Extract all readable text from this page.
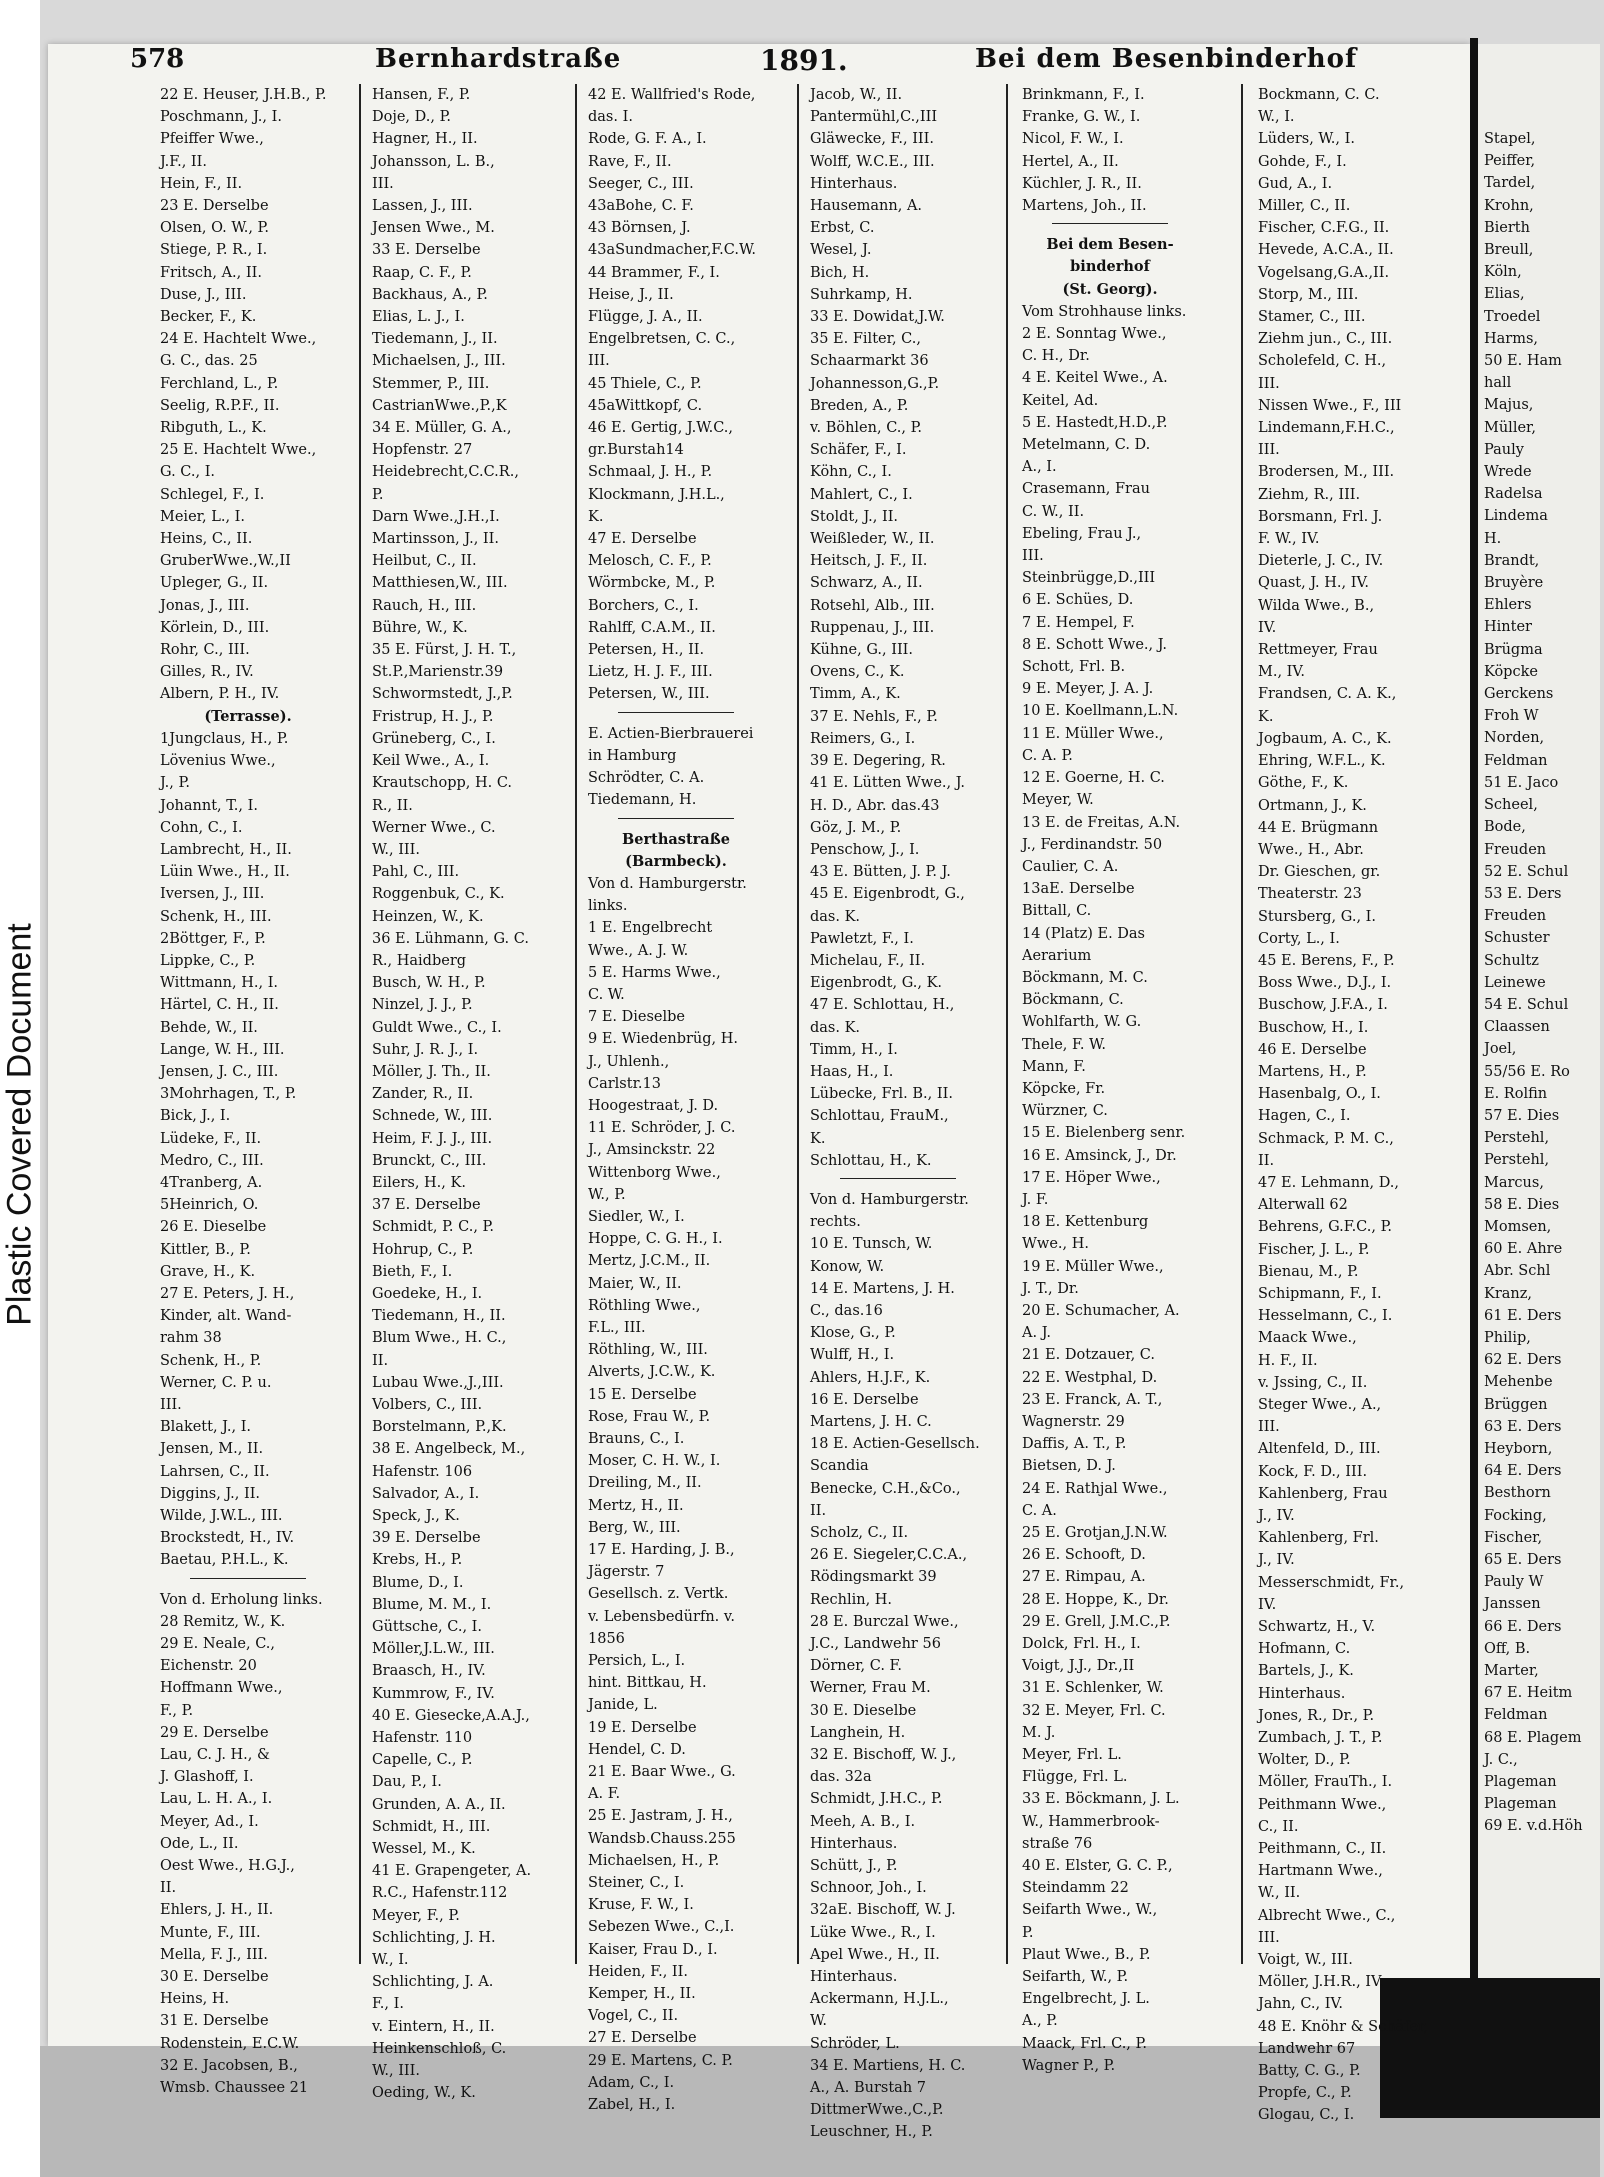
Plastic Covered Document
Stapel,
Peiffer,
Tardel,
Krohn,
Bierth
Breull,
Köln,
Elias,
Troedel
Harms,
50 E. Ham
hall
Majus,
Müller,
Pauly
Wrede
Radelsa
Lindema
H.
Brandt,
Bruyère
Ehlers
Hinter
Brügma
Köpcke
Gerckens
Froh W
Norden,
Feldman
51 E. Jaco
Scheel,
Bode,
Freuden
52 E. Schul
53 E. Ders
Freuden
Schuster
Schultz
Leinewe
54 E. Schul
Claassen
Joel,
55/56 E. Ro
E. Rolfin
57 E. Dies
Perstehl,
Perstehl,
Marcus,
58 E. Dies
Momsen,
60 E. Ahre
Abr. Schl
Kranz,
61 E. Ders
Philip,
62 E. Ders
Mehenbe
Brüggen
63 E. Ders
Heyborn,
64 E. Ders
Besthorn
Focking,
Fischer,
65 E. Ders
Pauly W
Janssen
66 E. Ders
Off, B.
Marter,
67 E. Heitm
Feldman
68 E. Plagem
J. C.,
Plageman
Plageman
69 E. v.d.Höh
578	Bernhardstraße	1891.	Bei dem Besenbinderhof
22 E. Heuser, J.H.B., P.
Poschmann, J., I.
Pfeiffer Wwe.,
J.F., II.
Hein, F., II.
23 E. Derselbe
Olsen, O. W., P.
Stiege, P. R., I.
Fritsch, A., II.
Duse, J., III.
Becker, F., K.
24 E. Hachtelt Wwe.,
G. C., das. 25
Ferchland, L., P.
Seelig, R.P.F., II.
Ribguth, L., K.
25 E. Hachtelt Wwe.,
G. C., I.
Schlegel, F., I.
Meier, L., I.
Heins, C., II.
GruberWwe.,W.,II
Upleger, G., II.
Jonas, J., III.
Körlein, D., III.
Rohr, C., III.
Gilles, R., IV.
Albern, P. H., IV.
(Terrasse).
1Jungclaus, H., P.
Lövenius Wwe.,
J., P.
Johannt, T., I.
Cohn, C., I.
Lambrecht, H., II.
Lüin Wwe., H., II.
Iversen, J., III.
Schenk, H., III.
2Böttger, F., P.
Lippke, C., P.
Wittmann, H., I.
Härtel, C. H., II.
Behde, W., II.
Lange, W. H., III.
Jensen, J. C., III.
3Mohrhagen, T., P.
Bick, J., I.
Lüdeke, F., II.
Medro, C., III.
4Tranberg, A.
5Heinrich, O.
26 E. Dieselbe
Kittler, B., P.
Grave, H., K.
27 E. Peters, J. H.,
Kinder, alt. Wand-
rahm 38
Schenk, H., P.
Werner, C. P. u.
III.
Blakett, J., I.
Jensen, M., II.
Lahrsen, C., II.
Diggins, J., II.
Wilde, J.W.L., III.
Brockstedt, H., IV.
Baetau, P.H.L., K.
Von d. Erholung links.
28 Remitz, W., K.
29 E. Neale, C.,
Eichenstr. 20
Hoffmann Wwe.,
F., P.
29 E. Derselbe
Lau, C. J. H., &
J. Glashoff, I.
Lau, L. H. A., I.
Meyer, Ad., I.
Ode, L., II.
Oest Wwe., H.G.J.,
II.
Ehlers, J. H., II.
Munte, F., III.
Mella, F. J., III.
30 E. Derselbe
Heins, H.
31 E. Derselbe
Rodenstein, E.C.W.
32 E. Jacobsen, B.,
Wmsb. Chaussee 21
Hansen, F., P.
Doje, D., P.
Hagner, H., II.
Johansson, L. B.,
III.
Lassen, J., III.
Jensen Wwe., M.
33 E. Derselbe
Raap, C. F., P.
Backhaus, A., P.
Elias, L. J., I.
Tiedemann, J., II.
Michaelsen, J., III.
Stemmer, P., III.
CastrianWwe.,P.,K
34 E. Müller, G. A.,
Hopfenstr. 27
Heidebrecht,C.C.R.,
P.
Darn Wwe.,J.H.,I.
Martinsson, J., II.
Heilbut, C., II.
Matthiesen,W., III.
Rauch, H., III.
Bühre, W., K.
35 E. Fürst, J. H. T.,
St.P.,Marienstr.39
Schwormstedt, J.,P.
Fristrup, H. J., P.
Grüneberg, C., I.
Keil Wwe., A., I.
Krautschopp, H. C.
R., II.
Werner Wwe., C.
W., III.
Pahl, C., III.
Roggenbuk, C., K.
Heinzen, W., K.
36 E. Lühmann, G. C.
R., Haidberg
Busch, W. H., P.
Ninzel, J. J., P.
Guldt Wwe., C., I.
Suhr, J. R. J., I.
Möller, J. Th., II.
Zander, R., II.
Schnede, W., III.
Heim, F. J. J., III.
Brunckt, C., III.
Eilers, H., K.
37 E. Derselbe
Schmidt, P. C., P.
Hohrup, C., P.
Bieth, F., I.
Goedeke, H., I.
Tiedemann, H., II.
Blum Wwe., H. C.,
II.
Lubau Wwe.,J.,III.
Volbers, C., III.
Borstelmann, P.,K.
38 E. Angelbeck, M.,
Hafenstr. 106
Salvador, A., I.
Speck, J., K.
39 E. Derselbe
Krebs, H., P.
Blume, D., I.
Blume, M. M., I.
Güttsche, C., I.
Möller,J.L.W., III.
Braasch, H., IV.
Kummrow, F., IV.
40 E. Giesecke,A.A.J.,
Hafenstr. 110
Capelle, C., P.
Dau, P., I.
Grunden, A. A., II.
Schmidt, H., III.
Wessel, M., K.
41 E. Grapengeter, A.
R.C., Hafenstr.112
Meyer, F., P.
Schlichting, J. H.
W., I.
Schlichting, J. A.
F., I.
v. Eintern, H., II.
Heinkenschloß, C.
W., III.
Oeding, W., K.
42 E. Wallfried's Rode,
das. I.
Rode, G. F. A., I.
Rave, F., II.
Seeger, C., III.
43aBohe, C. F.
43 Börnsen, J.
43aSundmacher,F.C.W.
44 Brammer, F., I.
Heise, J., II.
Flügge, J. A., II.
Engelbretsen, C. C.,
III.
45 Thiele, C., P.
45aWittkopf, C.
46 E. Gertig, J.W.C.,
gr.Burstah14
Schmaal, J. H., P.
Klockmann, J.H.L.,
K.
47 E. Derselbe
Melosch, C. F., P.
Wörmbcke, M., P.
Borchers, C., I.
Rahlff, C.A.M., II.
Petersen, H., II.
Lietz, H. J. F., III.
Petersen, W., III.
E. Actien-Bierbrauerei
in Hamburg
Schrödter, C. A.
Tiedemann, H.
Berthastraße
(Barmbeck).
Von d. Hamburgerstr.
links.
1 E. Engelbrecht
Wwe., A. J. W.
5 E. Harms Wwe.,
C. W.
7 E. Dieselbe
9 E. Wiedenbrüg, H.
J., Uhlenh.,
Carlstr.13
Hoogestraat, J. D.
11 E. Schröder, J. C.
J., Amsinckstr. 22
Wittenborg Wwe.,
W., P.
Siedler, W., I.
Hoppe, C. G. H., I.
Mertz, J.C.M., II.
Maier, W., II.
Röthling Wwe.,
F.L., III.
Röthling, W., III.
Alverts, J.C.W., K.
15 E. Derselbe
Rose, Frau W., P.
Brauns, C., I.
Moser, C. H. W., I.
Dreiling, M., II.
Mertz, H., II.
Berg, W., III.
17 E. Harding, J. B.,
Jägerstr. 7
Gesellsch. z. Vertk.
v. Lebensbedürfn. v.
1856
Persich, L., I.
hint. Bittkau, H.
Janide, L.
19 E. Derselbe
Hendel, C. D.
21 E. Baar Wwe., G.
A. F.
25 E. Jastram, J. H.,
Wandsb.Chauss.255
Michaelsen, H., P.
Steiner, C., I.
Kruse, F. W., I.
Sebezen Wwe., C.,I.
Kaiser, Frau D., I.
Heiden, F., II.
Kemper, H., II.
Vogel, C., II.
27 E. Derselbe
29 E. Martens, C. P.
Adam, C., I.
Zabel, H., I.
Jacob, W., II.
Pantermühl,C.,III
Gläwecke, F., III.
Wolff, W.C.E., III.
Hinterhaus.
Hausemann, A.
Erbst, C.
Wesel, J.
Bich, H.
Suhrkamp, H.
33 E. Dowidat,J.W.
35 E. Filter, C.,
Schaarmarkt 36
Johannesson,G.,P.
Breden, A., P.
v. Böhlen, C., P.
Schäfer, F., I.
Köhn, C., I.
Mahlert, C., I.
Stoldt, J., II.
Weißleder, W., II.
Heitsch, J. F., II.
Schwarz, A., II.
Rotsehl, Alb., III.
Ruppenau, J., III.
Kühne, G., III.
Ovens, C., K.
Timm, A., K.
37 E. Nehls, F., P.
Reimers, G., I.
39 E. Degering, R.
41 E. Lütten Wwe., J.
H. D., Abr. das.43
Göz, J. M., P.
Penschow, J., I.
43 E. Bütten, J. P. J.
45 E. Eigenbrodt, G.,
das. K.
Pawletzt, F., I.
Michelau, F., II.
Eigenbrodt, G., K.
47 E. Schlottau, H.,
das. K.
Timm, H., I.
Haas, H., I.
Lübecke, Frl. B., II.
Schlottau, FrauM.,
K.
Schlottau, H., K.
Von d. Hamburgerstr.
rechts.
10 E. Tunsch, W.
Konow, W.
14 E. Martens, J. H.
C., das.16
Klose, G., P.
Wulff, H., I.
Ahlers, H.J.F., K.
16 E. Derselbe
Martens, J. H. C.
18 E. Actien-Gesellsch.
Scandia
Benecke, C.H.,&Co.,
II.
Scholz, C., II.
26 E. Siegeler,C.C.A.,
Rödingsmarkt 39
Rechlin, H.
28 E. Burczal Wwe.,
J.C., Landwehr 56
Dörner, C. F.
Werner, Frau M.
30 E. Dieselbe
Langhein, H.
32 E. Bischoff, W. J.,
das. 32a
Schmidt, J.H.C., P.
Meeh, A. B., I.
Hinterhaus.
Schütt, J., P.
Schnoor, Joh., I.
32aE. Bischoff, W. J.
Lüke Wwe., R., I.
Apel Wwe., H., II.
Hinterhaus.
Ackermann, H.J.L.,
W.
Schröder, L.
34 E. Martiens, H. C.
A., A. Burstah 7
DittmerWwe.,C.,P.
Leuschner, H., P.
Brinkmann, F., I.
Franke, G. W., I.
Nicol, F. W., I.
Hertel, A., II.
Küchler, J. R., II.
Martens, Joh., II.
Bei dem Besen-
binderhof
(St. Georg).
Vom Strohhause links.
2 E. Sonntag Wwe.,
C. H., Dr.
4 E. Keitel Wwe., A.
Keitel, Ad.
5 E. Hastedt,H.D.,P.
Metelmann, C. D.
A., I.
Crasemann, Frau
C. W., II.
Ebeling, Frau J.,
III.
Steinbrügge,D.,III
6 E. Schües, D.
7 E. Hempel, F.
8 E. Schott Wwe., J.
Schott, Frl. B.
9 E. Meyer, J. A. J.
10 E. Koellmann,L.N.
11 E. Müller Wwe.,
C. A. P.
12 E. Goerne, H. C.
Meyer, W.
13 E. de Freitas, A.N.
J., Ferdinandstr. 50
Caulier, C. A.
13aE. Derselbe
Bittall, C.
14 (Platz) E. Das
Aerarium
Böckmann, M. C.
Böckmann, C.
Wohlfarth, W. G.
Thele, F. W.
Mann, F.
Köpcke, Fr.
Würzner, C.
15 E. Bielenberg senr.
16 E. Amsinck, J., Dr.
17 E. Höper Wwe.,
J. F.
18 E. Kettenburg
Wwe., H.
19 E. Müller Wwe.,
J. T., Dr.
20 E. Schumacher, A.
A. J.
21 E. Dotzauer, C.
22 E. Westphal, D.
23 E. Franck, A. T.,
Wagnerstr. 29
Daffis, A. T., P.
Bietsen, D. J.
24 E. Rathjal Wwe.,
C. A.
25 E. Grotjan,J.N.W.
26 E. Schooft, D.
27 E. Rimpau, A.
28 E. Hoppe, K., Dr.
29 E. Grell, J.M.C.,P.
Dolck, Frl. H., I.
Voigt, J.J., Dr.,II
31 E. Schlenker, W.
32 E. Meyer, Frl. C.
M. J.
Meyer, Frl. L.
Flügge, Frl. L.
33 E. Böckmann, J. L.
W., Hammerbrook-
straße 76
40 E. Elster, G. C. P.,
Steindamm 22
Seifarth Wwe., W.,
P.
Plaut Wwe., B., P.
Seifarth, W., P.
Engelbrecht, J. L.
A., P.
Maack, Frl. C., P.
Wagner P., P.
Bockmann, C. C.
W., I.
Lüders, W., I.
Gohde, F., I.
Gud, A., I.
Miller, C., II.
Fischer, C.F.G., II.
Hevede, A.C.A., II.
Vogelsang,G.A.,II.
Storp, M., III.
Stamer, C., III.
Ziehm jun., C., III.
Scholefeld, C. H.,
III.
Nissen Wwe., F., III
Lindemann,F.H.C.,
III.
Brodersen, M., III.
Ziehm, R., III.
Borsmann, Frl. J.
F. W., IV.
Dieterle, J. C., IV.
Quast, J. H., IV.
Wilda Wwe., B.,
IV.
Rettmeyer, Frau
M., IV.
Frandsen, C. A. K.,
K.
Jogbaum, A. C., K.
Ehring, W.F.L., K.
Göthe, F., K.
Ortmann, J., K.
44 E. Brügmann
Wwe., H., Abr.
Dr. Gieschen, gr.
Theaterstr. 23
Stursberg, G., I.
Corty, L., I.
45 E. Berens, F., P.
Boss Wwe., D.J., I.
Buschow, J.F.A., I.
Buschow, H., I.
46 E. Derselbe
Martens, H., P.
Hasenbalg, O., I.
Hagen, C., I.
Schmack, P. M. C.,
II.
47 E. Lehmann, D.,
Alterwall 62
Behrens, G.F.C., P.
Fischer, J. L., P.
Bienau, M., P.
Schipmann, F., I.
Hesselmann, C., I.
Maack Wwe.,
H. F., II.
v. Jssing, C., II.
Steger Wwe., A.,
III.
Altenfeld, D., III.
Kock, F. D., III.
Kahlenberg, Frau
J., IV.
Kahlenberg, Frl.
J., IV.
Messerschmidt, Fr.,
IV.
Schwartz, H., V.
Hofmann, C.
Bartels, J., K.
Hinterhaus.
Jones, R., Dr., P.
Zumbach, J. T., P.
Wolter, D., P.
Möller, FrauTh., I.
Peithmann Wwe.,
C., II.
Peithmann, C., II.
Hartmann Wwe.,
W., II.
Albrecht Wwe., C.,
III.
Voigt, W., III.
Möller, J.H.R., IV.
Jahn, C., IV.
48 E. Knöhr & Schäfer,
Landwehr 67
Batty, C. G., P.
Propfe, C., P.
Glogau, C., I.
